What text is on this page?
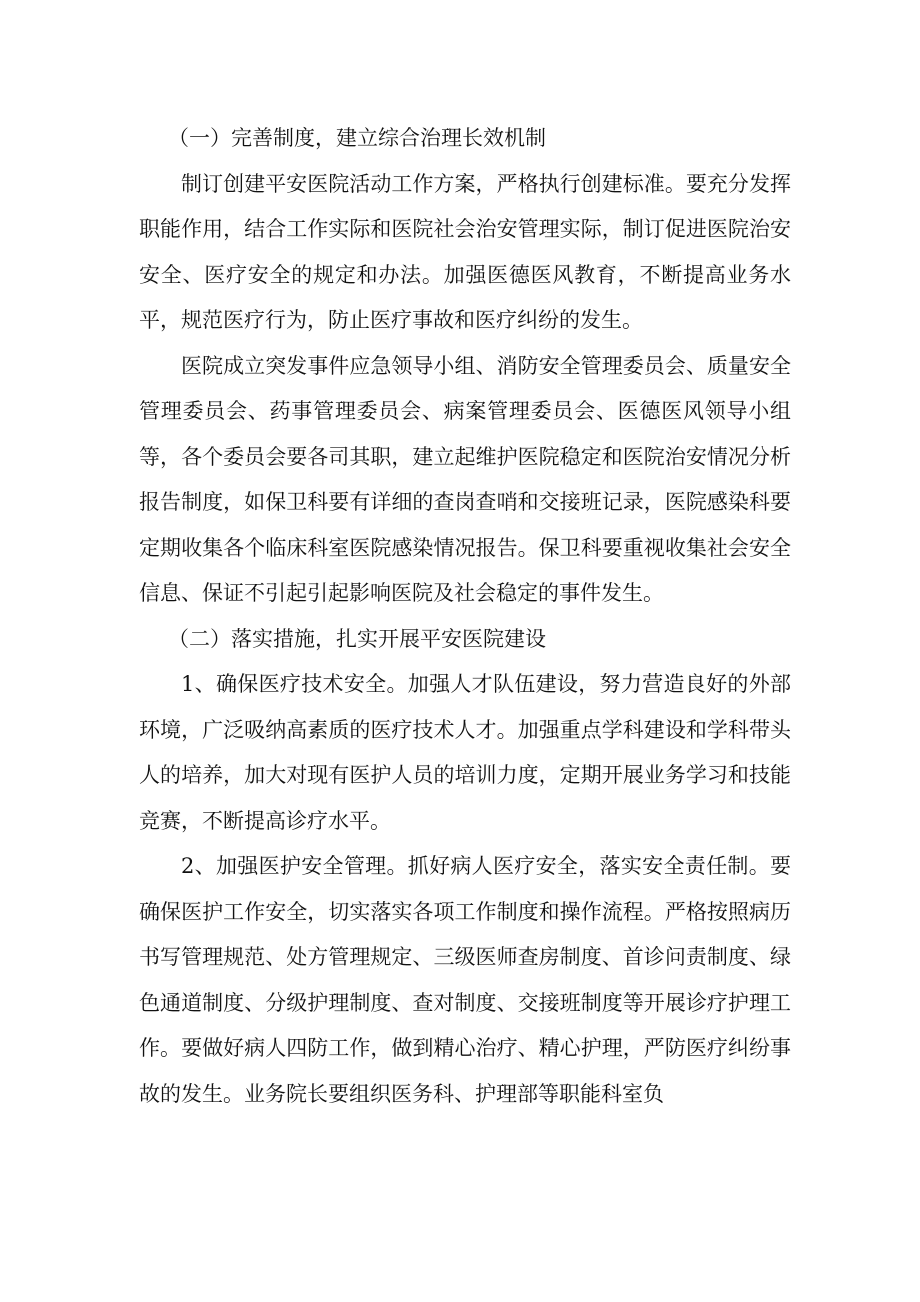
（一）完善制度，建立综合治理长效机制

制订创建平安医院活动工作方案，严格执行创建标准。要充分发挥职能作用，结合工作实际和医院社会治安管理实际，制订促进医院治安安全、医疗安全的规定和办法。加强医德医风教育，不断提高业务水平，规范医疗行为，防止医疗事故和医疗纠纷的发生。

医院成立突发事件应急领导小组、消防安全管理委员会、质量安全管理委员会、药事管理委员会、病案管理委员会、医德医风领导小组等，各个委员会要各司其职，建立起维护医院稳定和医院治安情况分析报告制度，如保卫科要有详细的查岗查哨和交接班记录，医院感染科要定期收集各个临床科室医院感染情况报告。保卫科要重视收集社会安全信息、保证不引起引起影响医院及社会稳定的事件发生。

（二）落实措施，扎实开展平安医院建设

1、确保医疗技术安全。加强人才队伍建设，努力营造良好的外部环境，广泛吸纳高素质的医疗技术人才。加强重点学科建设和学科带头人的培养，加大对现有医护人员的培训力度，定期开展业务学习和技能竞赛，不断提高诊疗水平。

2、加强医护安全管理。抓好病人医疗安全，落实安全责任制。要确保医护工作安全，切实落实各项工作制度和操作流程。严格按照病历书写管理规范、处方管理规定、三级医师查房制度、首诊问责制度、绿色通道制度、分级护理制度、查对制度、交接班制度等开展诊疗护理工作。要做好病人四防工作，做到精心治疗、精心护理，严防医疗纠纷事故的发生。业务院长要组织医务科、护理部等职能科室负
